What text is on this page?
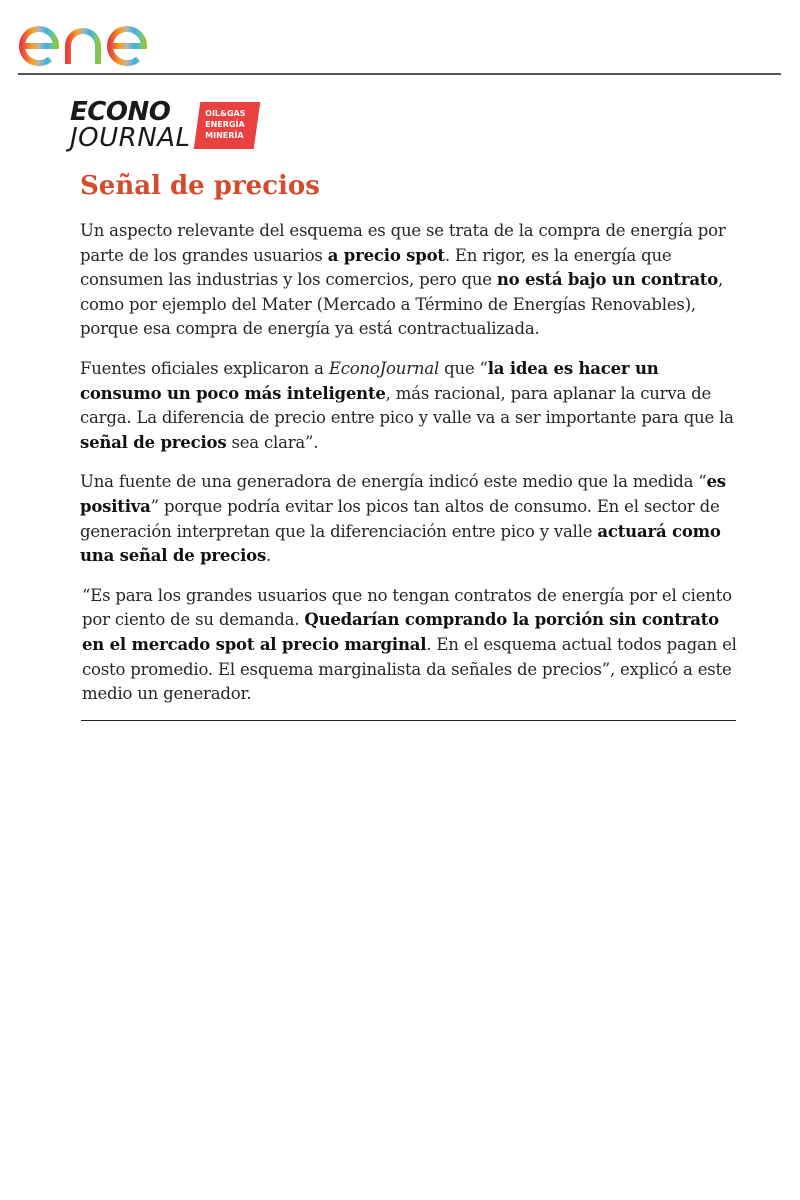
ECONO
JOURNAL
OIL&GAS
ENERGÍA
MINERÍA
Señal de precios

Un aspecto relevante del esquema es que se trata de la compra de energía por parte de los grandes usuarios a precio spot. En rigor, es la energía que consumen las industrias y los comercios, pero que no está bajo un contrato, como por ejemplo del Mater (Mercado a Término de Energías Renovables), porque esa compra de energía ya está contractualizada.

Fuentes oficiales explicaron a EconoJournal que “la idea es hacer un consumo un poco más inteligente, más racional, para aplanar la curva de carga. La diferencia de precio entre pico y valle va a ser importante para que la señal de precios sea clara”.

Una fuente de una generadora de energía indicó este medio que la medida “es positiva” porque podría evitar los picos tan altos de consumo. En el sector de generación interpretan que la diferenciación entre pico y valle actuará como una señal de precios.

“Es para los grandes usuarios que no tengan contratos de energía por el ciento por ciento de su demanda. Quedarían comprando la porción sin contrato en el mercado spot al precio marginal. En el esquema actual todos pagan el costo promedio. El esquema marginalista da señales de precios”, explicó a este medio un generador.
